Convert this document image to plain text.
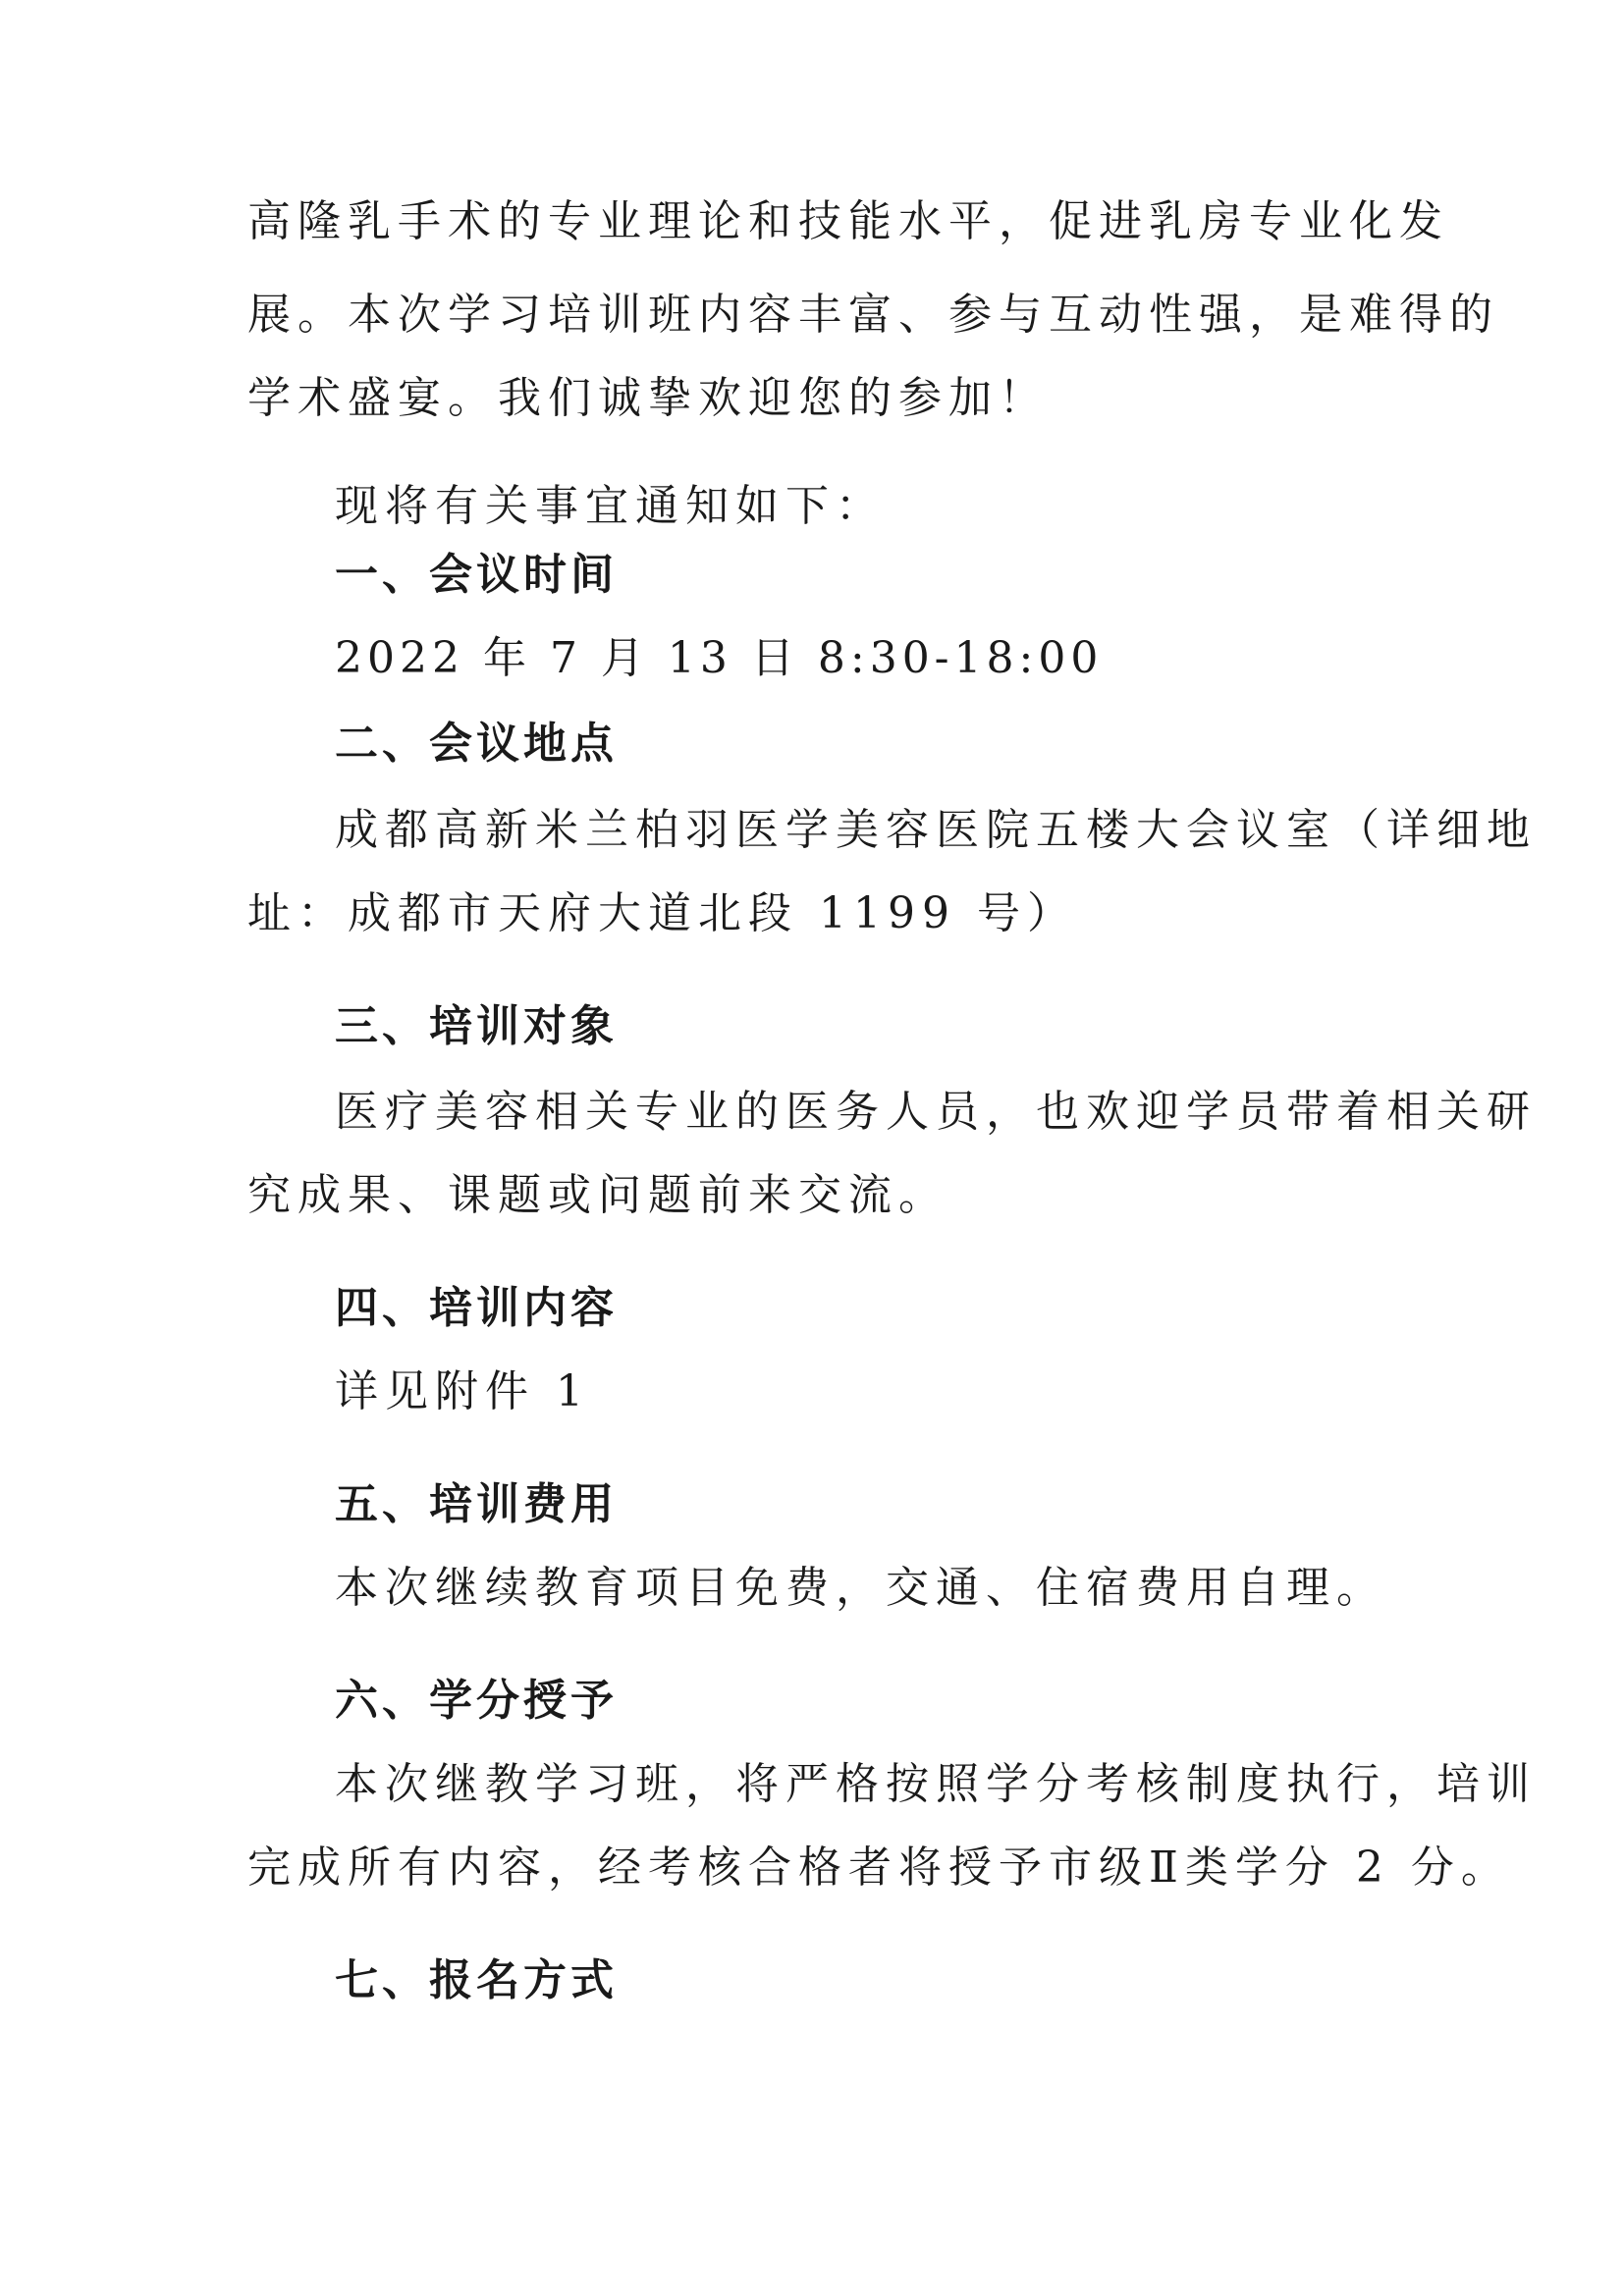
高隆乳手术的专业理论和技能水平，促进乳房专业化发

展。本次学习培训班内容丰富、参与互动性强，是难得的

学术盛宴。我们诚挚欢迎您的参加！

现将有关事宜通知如下：

一、会议时间

2022 年 7 月 13 日 8:30-18:00

二、会议地点

成都高新米兰柏羽医学美容医院五楼大会议室（详细地

址：成都市天府大道北段 1199 号）

三、培训对象

医疗美容相关专业的医务人员，也欢迎学员带着相关研

究成果、课题或问题前来交流。

四、培训内容

详见附件 1

五、培训费用

本次继续教育项目免费，交通、住宿费用自理。

六、学分授予

本次继教学习班，将严格按照学分考核制度执行，培训

完成所有内容，经考核合格者将授予市级Ⅱ类学分 2 分。

七、报名方式
